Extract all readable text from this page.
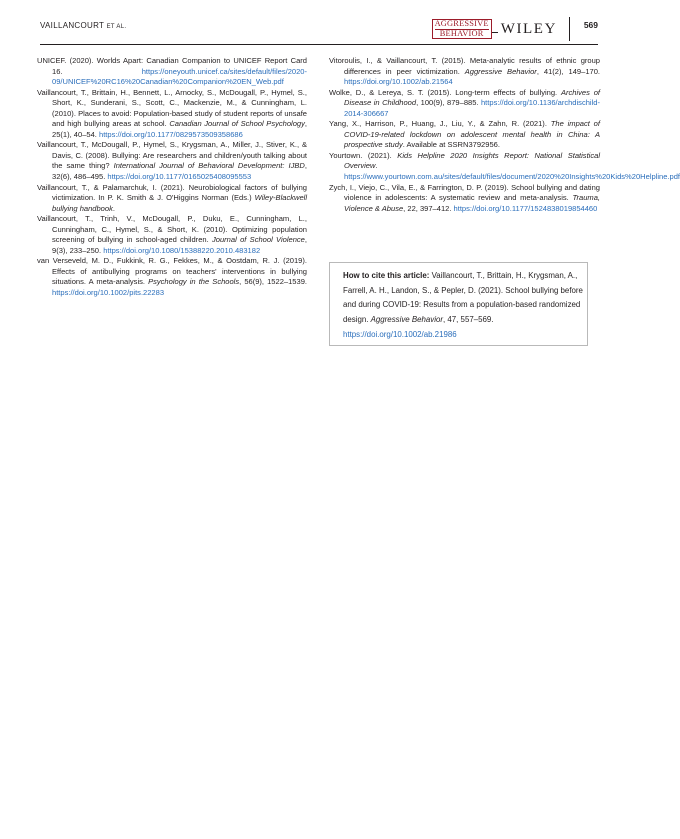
VAILLANCOURT ET AL.	AGGRESSIVE
BEHAVIOR	WILEY	569

UNICEF. (2020). Worlds Apart: Canadian Companion to UNICEF Report Card 16. https://oneyouth.unicef.ca/sites/default/files/2020-09/UNICEF%20RC16%20Canadian%20Companion%20EN_Web.pdf

Vaillancourt, T., Brittain, H., Bennett, L., Arnocky, S., McDougall, P., Hymel, S., Short, K., Sunderani, S., Scott, C., Mackenzie, M., & Cunningham, L. (2010). Places to avoid: Population-based study of student reports of unsafe and high bullying areas at school. Canadian Journal of School Psychology, 25(1), 40–54. https://doi.org/10.1177/0829573509358686

Vaillancourt, T., McDougall, P., Hymel, S., Krygsman, A., Miller, J., Stiver, K., & Davis, C. (2008). Bullying: Are researchers and children/youth talking about the same thing? International Journal of Behavioral Development: IJBD, 32(6), 486–495. https://doi.org/10.1177/0165025408095553

Vaillancourt, T., & Palamarchuk, I. (2021). Neurobiological factors of bullying victimization. In P. K. Smith & J. O'Higgins Norman (Eds.) Wiley-Blackwell bullying handbook.

Vaillancourt, T., Trinh, V., McDougall, P., Duku, E., Cunningham, L., Cunningham, C., Hymel, S., & Short, K. (2010). Optimizing population screening of bullying in school-aged children. Journal of School Violence, 9(3), 233–250. https://doi.org/10.1080/15388220.2010.483182

van Verseveld, M. D., Fukkink, R. G., Fekkes, M., & Oostdam, R. J. (2019). Effects of antibullying programs on teachers' interventions in bullying situations. A meta-analysis. Psychology in the Schools, 56(9), 1522–1539. https://doi.org/10.1002/pits.22283

Vitoroulis, I., & Vaillancourt, T. (2015). Meta-analytic results of ethnic group differences in peer victimization. Aggressive Behavior, 41(2), 149–170. https://doi.org/10.1002/ab.21564

Wolke, D., & Lereya, S. T. (2015). Long-term effects of bullying. Archives of Disease in Childhood, 100(9), 879–885. https://doi.org/10.1136/archdischild-2014-306667

Yang, X., Harrison, P., Huang, J., Liu, Y., & Zahn, R. (2021). The impact of COVID-19-related lockdown on adolescent mental health in China: A prospective study. Available at SSRN3792956.

Yourtown. (2021). Kids Helpline 2020 Insights Report: National Statistical Overview. https://www.yourtown.com.au/sites/default/files/document/2020%20Insights%20Kids%20Helpline.pdf

Zych, I., Viejo, C., Vila, E., & Farrington, D. P. (2019). School bullying and dating violence in adolescents: A systematic review and meta-analysis. Trauma, Violence & Abuse, 22, 397–412. https://doi.org/10.1177/1524838019854460

How to cite this article: Vaillancourt, T., Brittain, H., Krygsman, A., Farrell, A. H., Landon, S., & Pepler, D. (2021). School bullying before and during COVID-19: Results from a population-based randomized design. Aggressive Behavior, 47, 557–569. https://doi.org/10.1002/ab.21986
